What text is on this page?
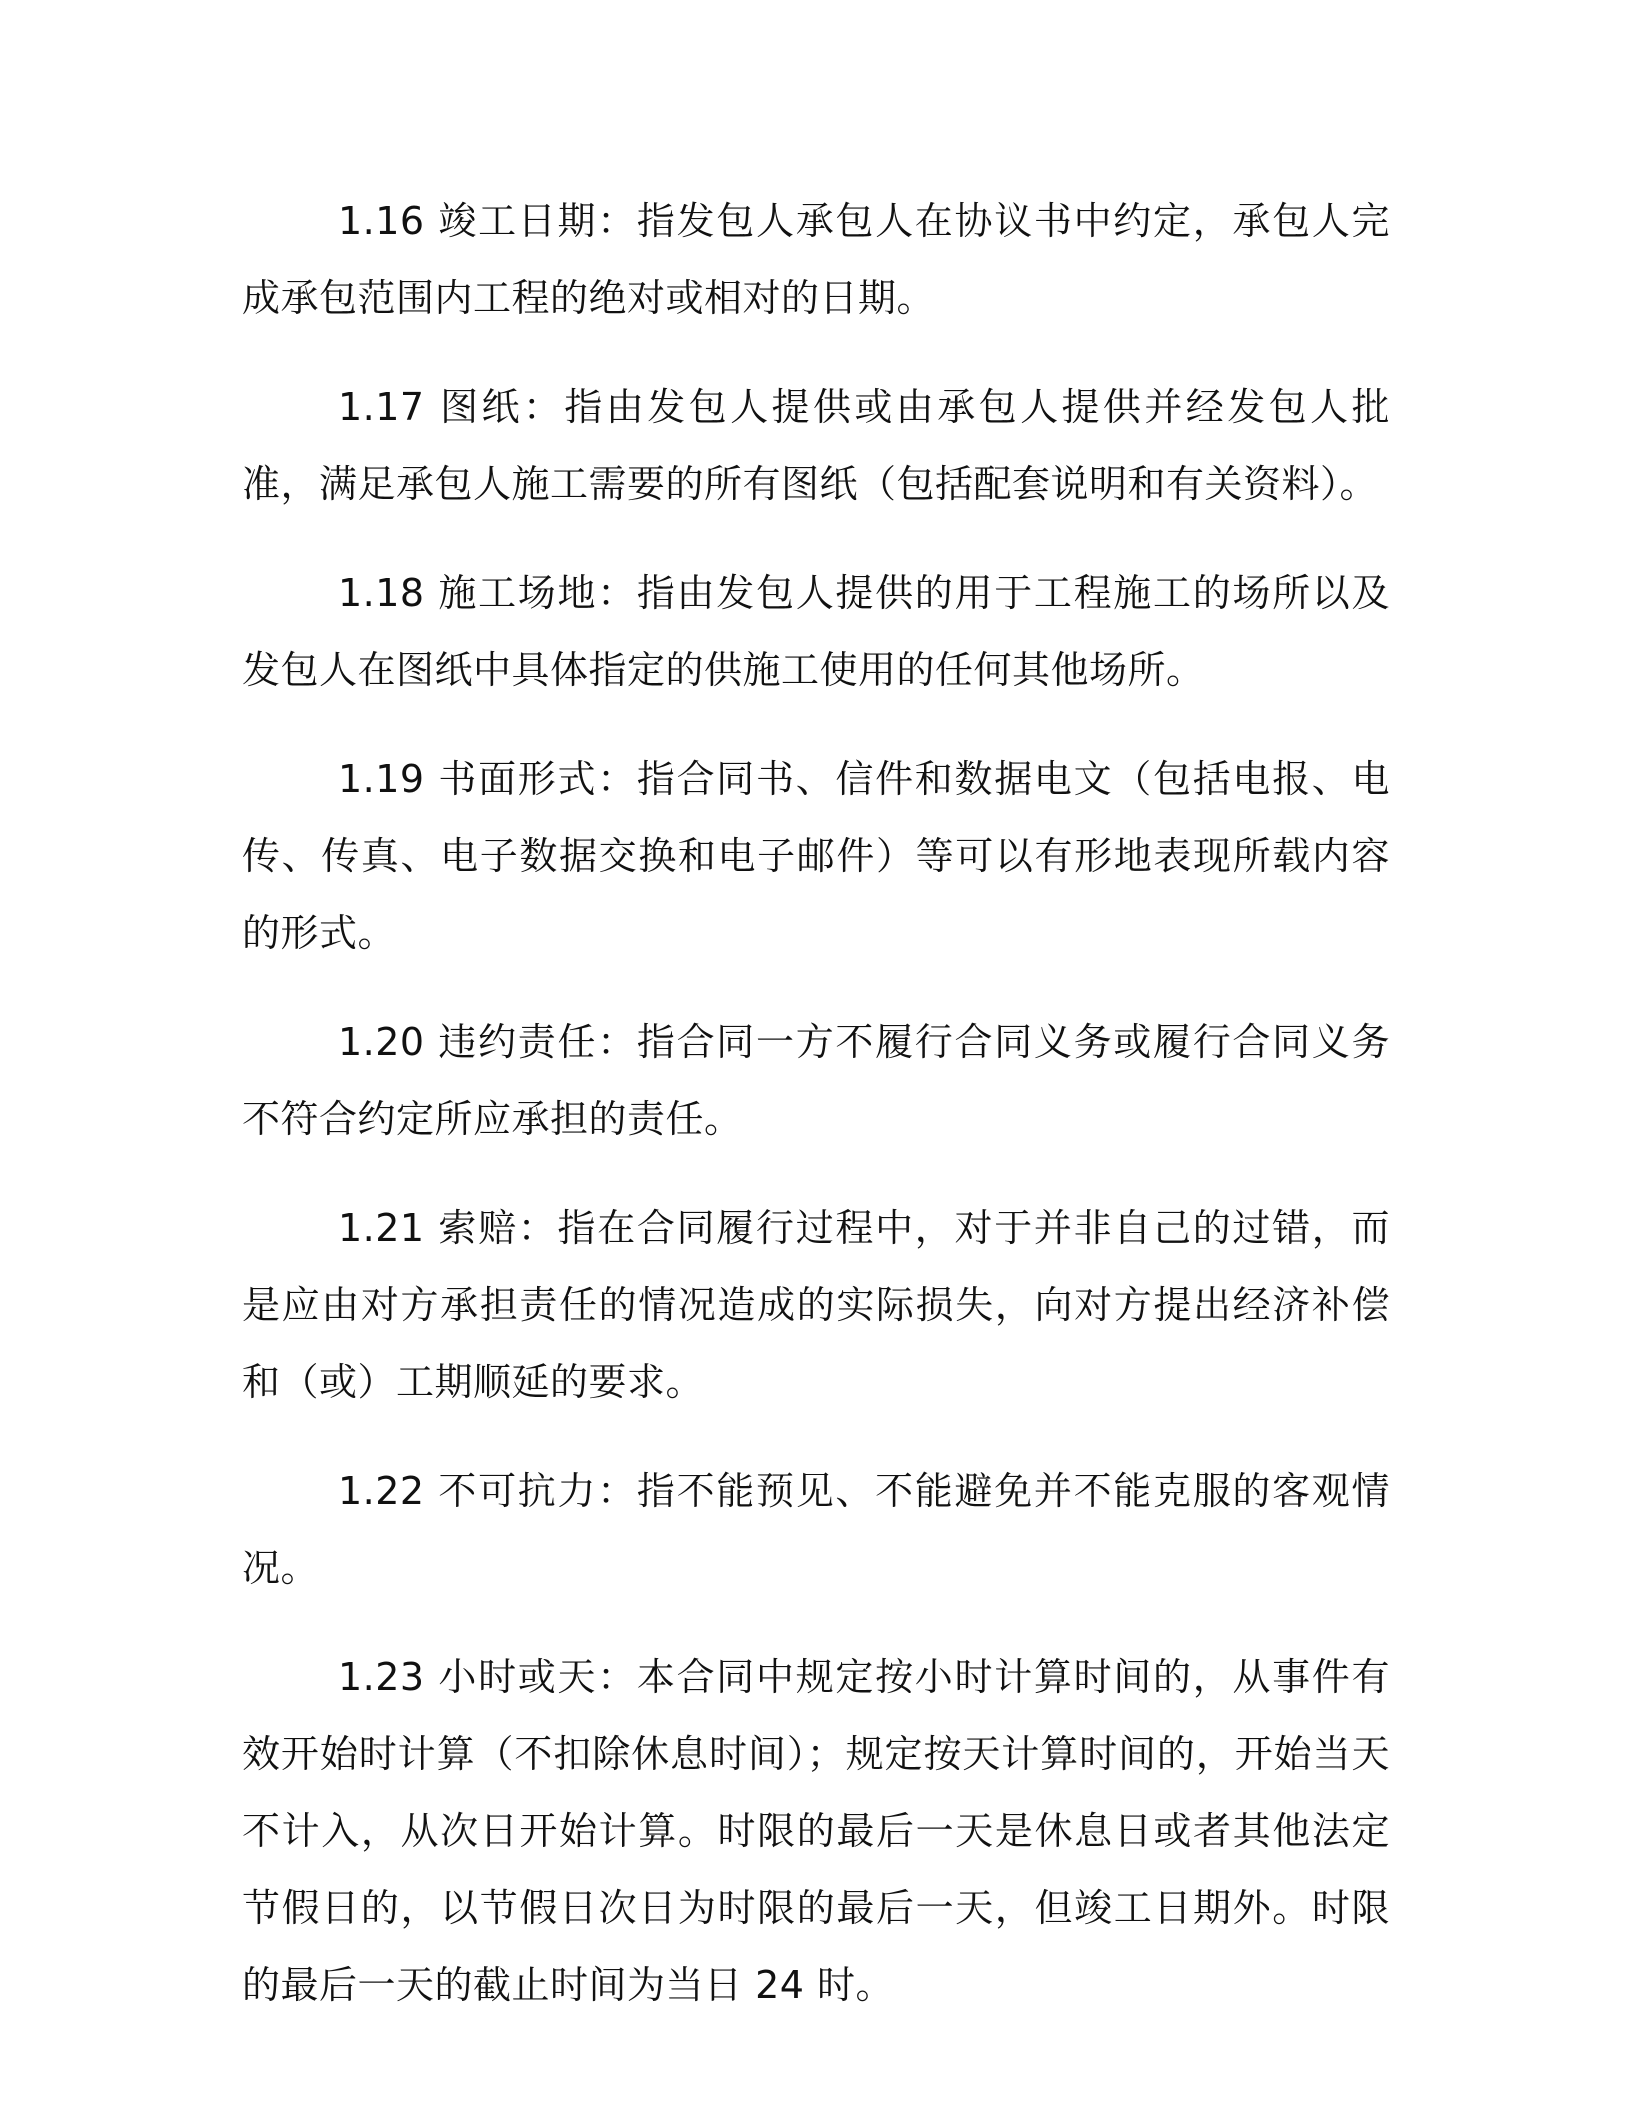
1.16 竣工日期：指发包人承包人在协议书中约定，承包人完成承包范围内工程的绝对或相对的日期。

1.17 图纸：指由发包人提供或由承包人提供并经发包人批准，满足承包人施工需要的所有图纸（包括配套说明和有关资料）。

1.18 施工场地：指由发包人提供的用于工程施工的场所以及发包人在图纸中具体指定的供施工使用的任何其他场所。

1.19 书面形式：指合同书、信件和数据电文（包括电报、电传、传真、电子数据交换和电子邮件）等可以有形地表现所载内容的形式。

1.20 违约责任：指合同一方不履行合同义务或履行合同义务不符合约定所应承担的责任。

1.21 索赔：指在合同履行过程中，对于并非自己的过错，而是应由对方承担责任的情况造成的实际损失，向对方提出经济补偿和（或）工期顺延的要求。

1.22 不可抗力：指不能预见、不能避免并不能克服的客观情况。

1.23 小时或天：本合同中规定按小时计算时间的，从事件有效开始时计算（不扣除休息时间）；规定按天计算时间的，开始当天不计入，从次日开始计算。时限的最后一天是休息日或者其他法定节假日的，以节假日次日为时限的最后一天，但竣工日期外。时限的最后一天的截止时间为当日 24 时。
